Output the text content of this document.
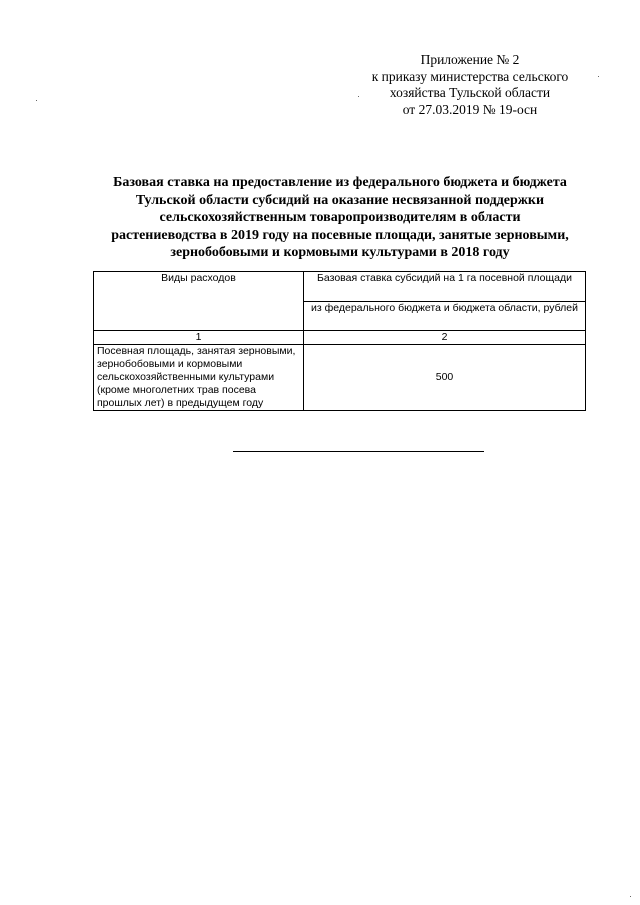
Приложение № 2
к приказу министерства сельского
хозяйства Тульской области
от 27.03.2019 № 19-осн
Базовая ставка на предоставление из федерального бюджета и бюджета
Тульской области субсидий на оказание несвязанной поддержки
сельскохозяйственным товаропроизводителям в области
растениеводства в 2019 году на посевные площади, занятые зерновыми,
зернобобовыми и кормовыми культурами в 2018 году
Виды расходов	Базовая ставка субсидий на 1 га посевной площади
	из федерального бюджета и бюджета области, рублей
1	2
Посевная площадь, занятая зерновыми, зернобобовыми и кормовыми сельскохозяйственными культурами (кроме многолетних трав посева прошлых лет) в предыдущем году	500
